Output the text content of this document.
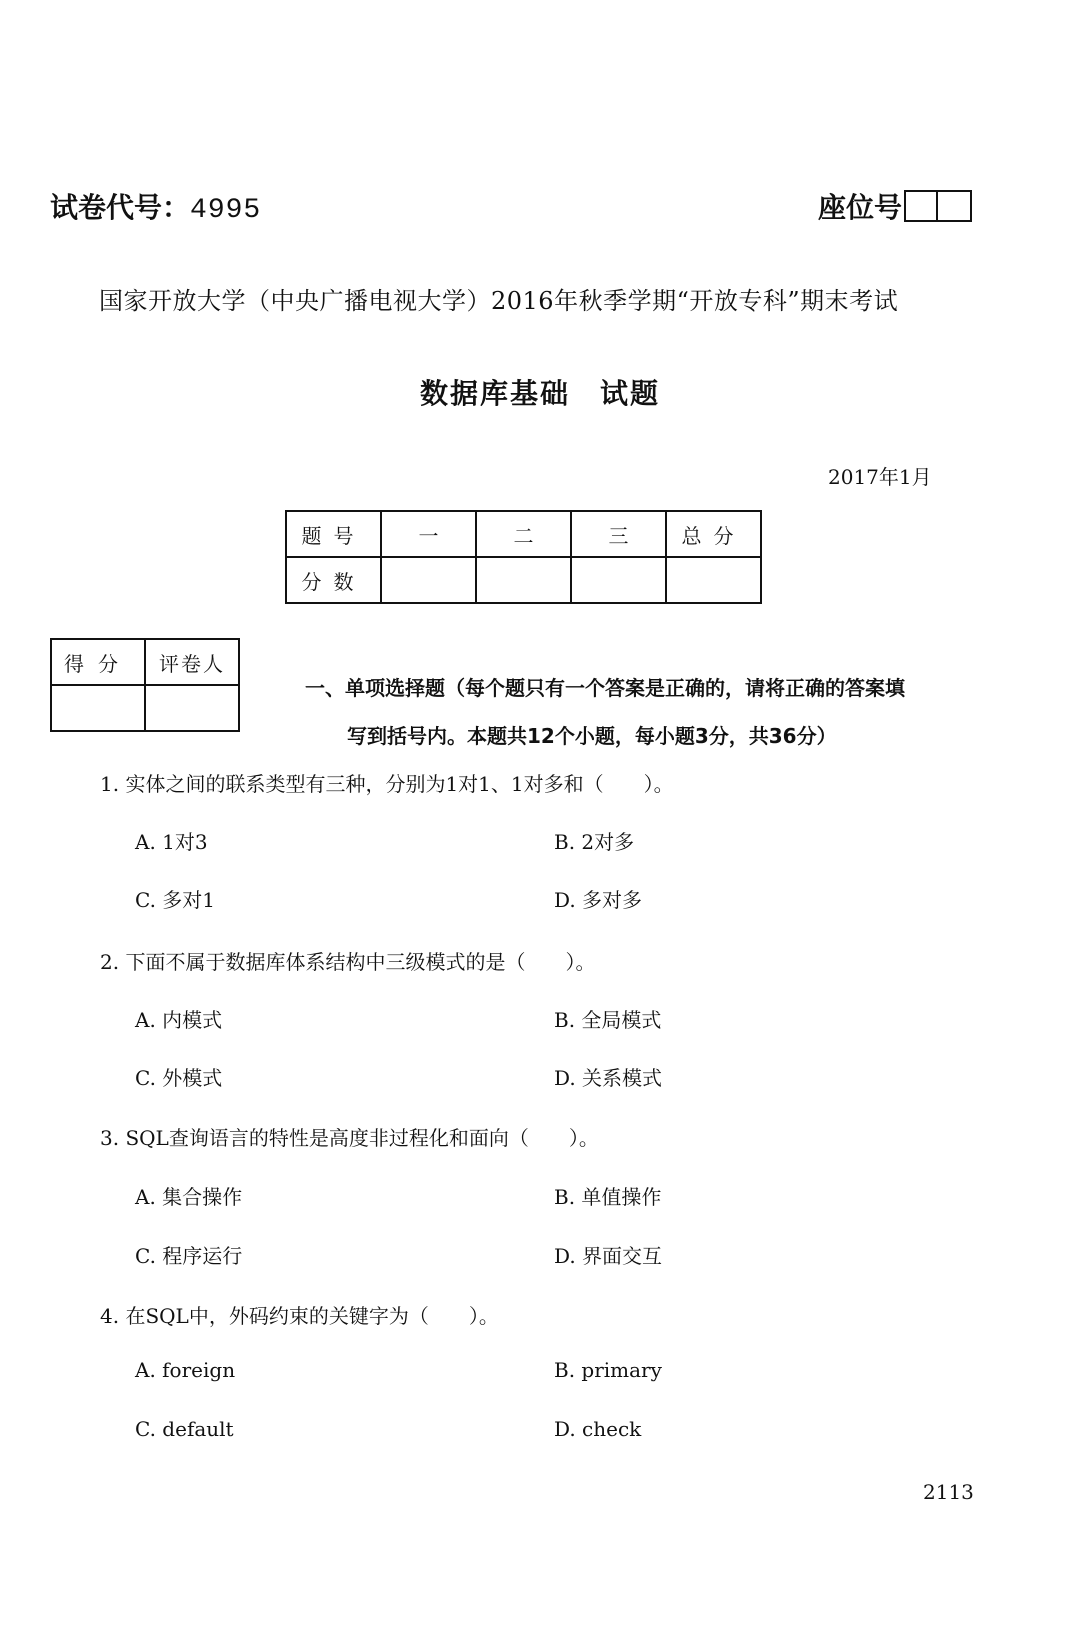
试卷代号：4995	座位号
国家开放大学（中央广播电视大学）2016年秋季学期“开放专科”期末考试
数据库基础　试题
2017年1月
题号	一	二	三	总分
分数				
得分	评卷人

一、单项选择题（每个题只有一个答案是正确的，请将正确的答案填
写到括号内。本题共12个小题，每小题3分，共36分）
1. 实体之间的联系类型有三种，分别为1对1、1对多和（　　）。
A. 1对3	B. 2对多
C. 多对1	D. 多对多
2. 下面不属于数据库体系结构中三级模式的是（　　）。
A. 内模式	B. 全局模式
C. 外模式	D. 关系模式
3. SQL查询语言的特性是高度非过程化和面向（　　）。
A. 集合操作	B. 单值操作
C. 程序运行	D. 界面交互
4. 在SQL中，外码约束的关键字为（　　）。
A. foreign	B. primary
C. default	D. check
2113
